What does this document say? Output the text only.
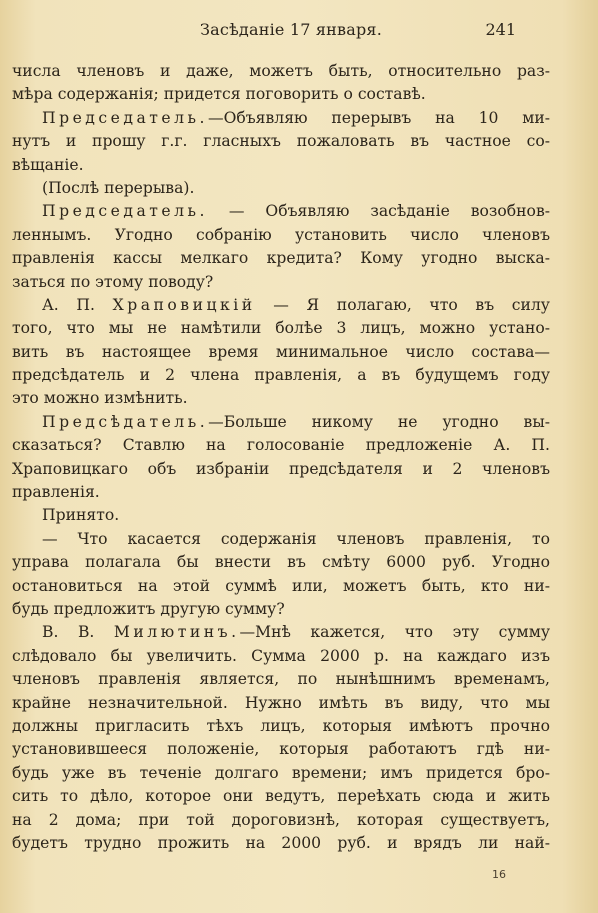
Засѣданіе 17 января.	241
числа членовъ и даже, можетъ быть, относительно раз-
мѣра содержанія; придется поговорить о составѣ.
Председатель.—Объявляю перерывъ на 10 ми-
нутъ и прошу г.г. гласныхъ пожаловать въ частное со-
вѣщаніе.
(Послѣ перерыва).
Председатель. — Объявляю засѣданіе возобнов-
леннымъ. Угодно собранію установить число членовъ
правленія кассы мелкаго кредита? Кому угодно выска-
заться по этому поводу?
А. П. Храповицкій — Я полагаю, что въ силу
того, что мы не намѣтили болѣе 3 лицъ, можно устано-
вить въ настоящее время минимальное число состава—
предсѣдатель и 2 члена правленія, а въ будущемъ году
это можно измѣнить.
Предсѣдатель.—Больше никому не угодно вы-
сказаться? Ставлю на голосованіе предложеніе А. П.
Храповицкаго объ избраніи предсѣдателя и 2 членовъ
правленія.
Принято.
— Что касается содержанія членовъ правленія, то
управа полагала бы внести въ смѣту 6000 руб. Угодно
остановиться на этой суммѣ или, можетъ быть, кто ни-
будь предложитъ другую сумму?
В. В. Милютинъ.—Мнѣ кажется, что эту сумму
слѣдовало бы увеличить. Сумма 2000 р. на каждаго изъ
членовъ правленія является, по нынѣшнимъ временамъ,
крайне незначительной. Нужно имѣть въ виду, что мы
должны пригласить тѣхъ лицъ, которыя имѣютъ прочно
установившееся положеніе, которыя работаютъ гдѣ ни-
будь уже въ теченіе долгаго времени; имъ придется бро-
сить то дѣло, которое они ведутъ, переѣхать сюда и жить
на 2 дома; при той дороговизнѣ, которая существуетъ,
будетъ трудно прожить на 2000 руб. и врядъ ли най-
16
